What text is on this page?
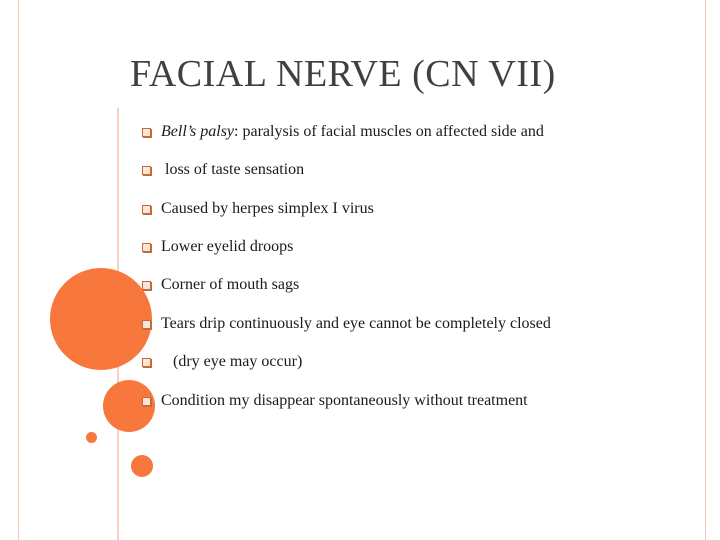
FACIAL NERVE (CN VII)
Bell’s palsy : paralysis of facial muscles on affected side and
loss of taste sensation
Caused by herpes simplex I virus
Lower eyelid droops
Corner of mouth sags
Tears drip continuously and eye cannot be completely closed
(dry eye may occur)
Condition my disappear spontaneously without treatment
